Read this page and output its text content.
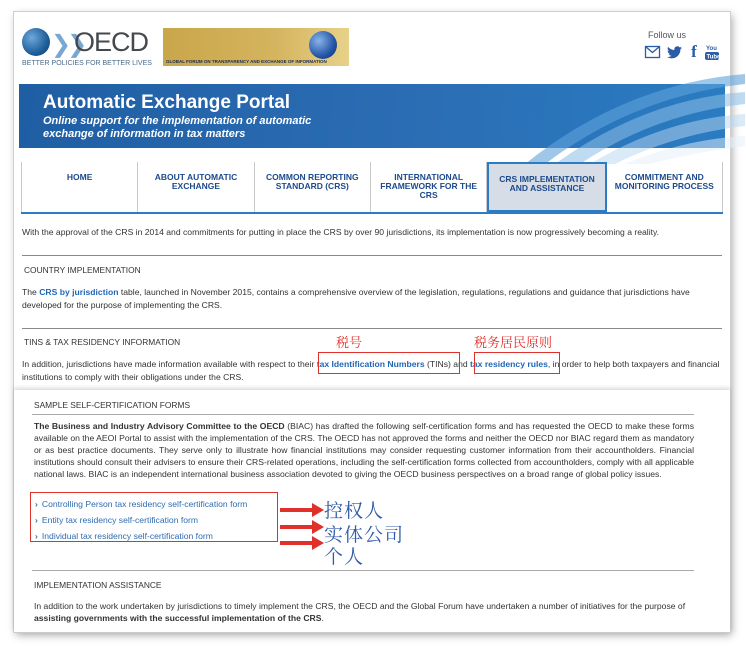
❯❯
OECD
BETTER POLICIES FOR BETTER LIVES	GLOBAL FORUM ON TRANSPARENCY AND EXCHANGE OF INFORMATION
Follow us
f	You
Tube
Automatic Exchange Portal
Online support for the implementation of automatic exchange of information in tax matters
HOME	ABOUT AUTOMATIC EXCHANGE
COMMON REPORTING STANDARD (CRS)
INTERNATIONAL FRAMEWORK FOR THE CRS
CRS IMPLEMENTATION AND ASSISTANCE
COMMITMENT AND MONITORING PROCESS
With the approval of the CRS in 2014 and commitments for putting in place the CRS by over 90 jurisdictions, its implementation is now progressively becoming a reality.
COUNTRY IMPLEMENTATION
The CRS by jurisdiction table, launched in November 2015, contains a comprehensive overview of the legislation, regulations, regulations and guidance that jurisdictions have developed for the purpose of implementing the CRS.
TINS & TAX RESIDENCY INFORMATION	税号	税务居民原则
In addition, jurisdictions have made information available with respect to their tax Identification Numbers (TINs) and tax residency rules, in order to help both taxpayers and financial institutions to comply with their obligations under the CRS.
SAMPLE SELF-CERTIFICATION FORMS
The Business and Industry Advisory Committee to the OECD (BIAC) has drafted the following self-certification forms and has requested the OECD to make these forms available on the AEOI Portal to assist with the implementation of the CRS. The OECD has not approved the forms and neither the OECD nor BIAC regard them as mandatory or as best practice documents. They serve only to illustrate how financial institutions may consider requesting customer information from their accountholders. Financial institutions should consult their advisers to ensure their CRS-related operations, including the self-certification forms collected from accountholders, comply with all applicable national laws. BIAC is an independent international business association devoted to giving the OECD business perspectives on a broad range of global policy issues.
› Controlling Person tax residency self-certification form
› Entity tax residency self-certification form
› Individual tax residency self-certification form
控权人
实体公司
个人
IMPLEMENTATION ASSISTANCE
In addition to the work undertaken by jurisdictions to timely implement the CRS, the OECD and the Global Forum have undertaken a number of initiatives for the purpose of assisting governments with the successful implementation of the CRS.
